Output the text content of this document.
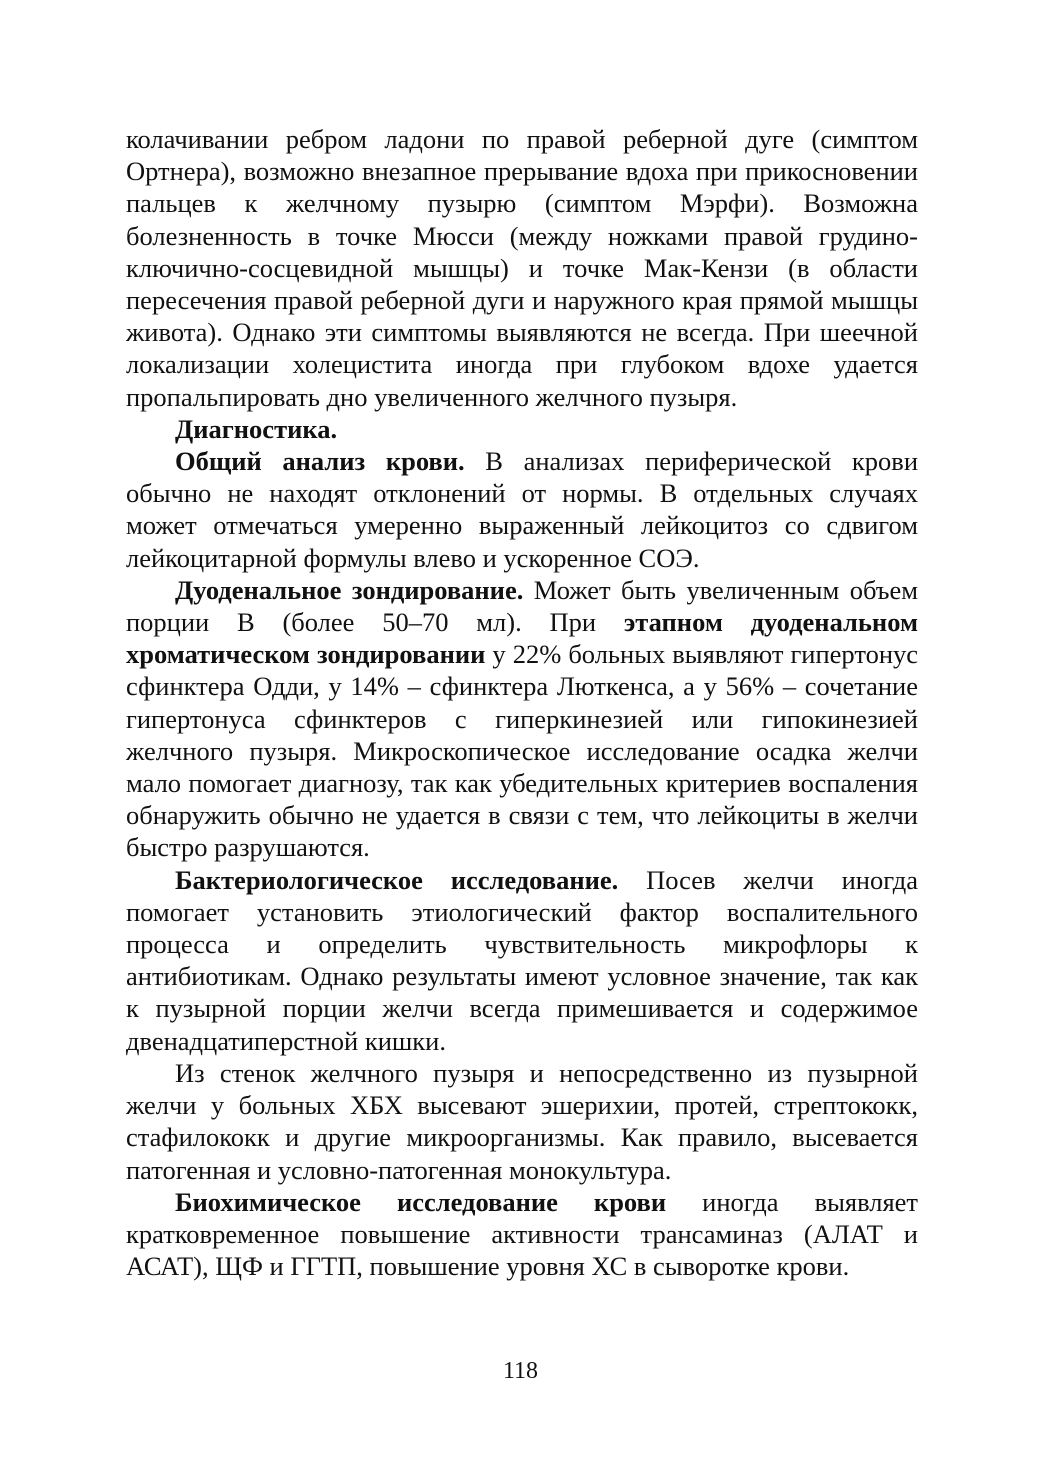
колачивании ребром ладони по правой реберной дуге (симптом Ортнера), возможно внезапное прерывание вдоха при прикосновении пальцев к желчному пузырю (симптом Мэрфи). Возможна болезненность в точке Мюсси (между ножками правой грудино-ключично-сосцевидной мышцы) и точке Мак-Кензи (в области пересечения правой реберной дуги и наружного края прямой мышцы живота). Однако эти симптомы выявляются не всегда. При шеечной локализации холецистита иногда при глубоком вдохе удается пропальпировать дно увеличенного желчного пузыря.

Диагностика.

Общий анализ крови. В анализах периферической крови обычно не находят отклонений от нормы. В отдельных случаях может отмечаться умеренно выраженный лейкоцитоз со сдвигом лейкоцитарной формулы влево и ускоренное СОЭ.

Дуоденальное зондирование. Может быть увеличенным объем порции В (более 50–70 мл). При этапном дуоденальном хроматическом зондировании у 22% больных выявляют гипертонус сфинктера Одди, у 14% – сфинктера Люткенса, а у 56% – сочетание гипертонуса сфинктеров с гиперкинезией или гипокинезией желчного пузыря. Микроскопическое исследование осадка желчи мало помогает диагнозу, так как убедительных критериев воспаления обнаружить обычно не удается в связи с тем, что лейкоциты в желчи быстро разрушаются.

Бактериологическое исследование. Посев желчи иногда помогает установить этиологический фактор воспалительного процесса и определить чувствительность микрофлоры к антибиотикам. Однако результаты имеют условное значение, так как к пузырной порции желчи всегда примешивается и содержимое двенадцатиперстной кишки.

Из стенок желчного пузыря и непосредственно из пузырной желчи у больных ХБХ высевают эшерихии, протей, стрептококк, стафилококк и другие микроорганизмы. Как правило, высевается патогенная и условно-патогенная монокультура.

Биохимическое исследование крови иногда выявляет кратковременное повышение активности трансаминаз (АЛАТ и АСАТ), ЩФ и ГГТП, повышение уровня ХС в сыворотке крови.

118
